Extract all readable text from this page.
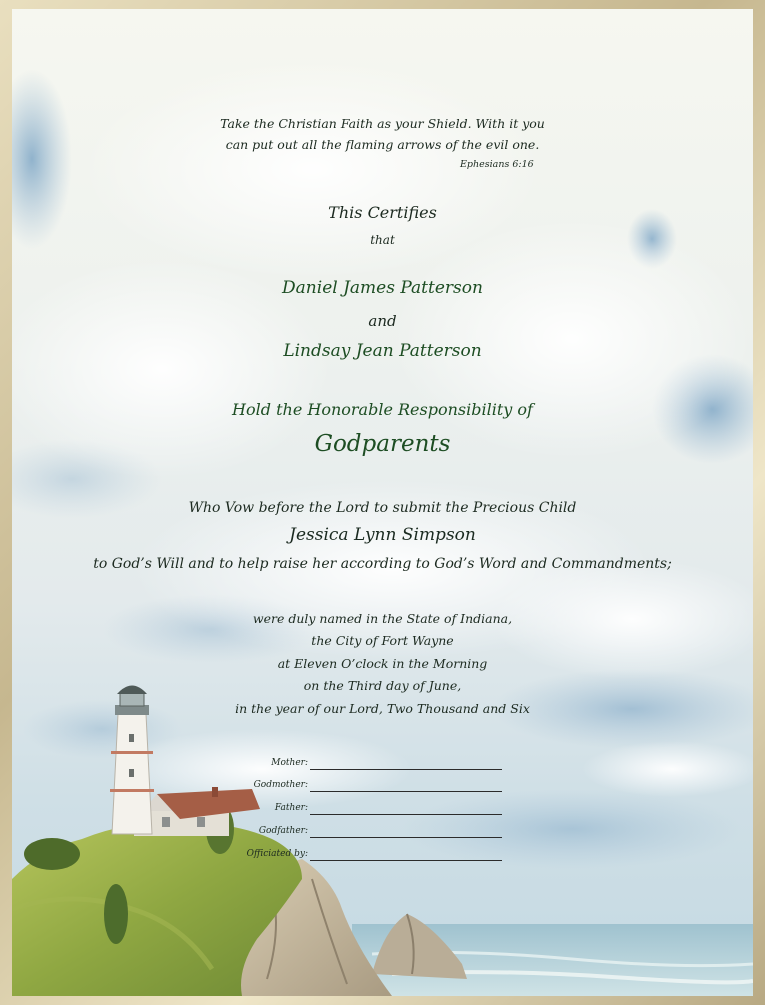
Take the Christian Faith as your Shield. With it you
can put out all the flaming arrows of the evil one.
Ephesians 6:16
This Certifies
that
Daniel James Patterson
and
Lindsay Jean Patterson
Hold the Honorable Responsibility of
Godparents
Who Vow before the Lord to submit the Precious Child
Jessica Lynn Simpson
to God’s Will and to help raise her according to God’s Word and Commandments;
were duly named in the State of Indiana,
the City of Fort Wayne
at Eleven O’clock in the Morning
on the Third day of June,
in the year of our Lord, Two Thousand and Six
Mother:
Godmother:
Father:
Godfather:
Officiated by:
